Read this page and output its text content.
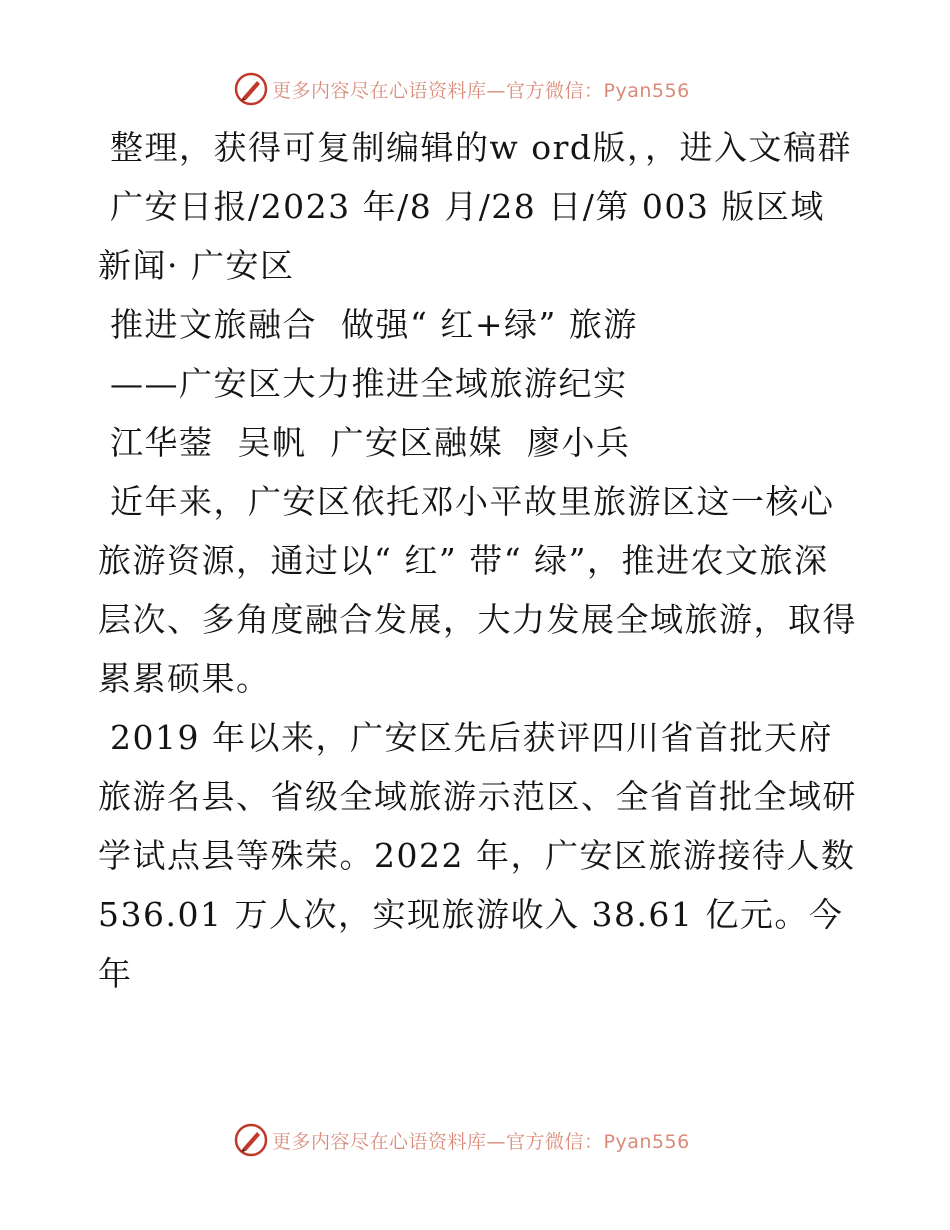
更多内容尽在心语资料库—官方微信：Pyan556

整理，获得可复制编辑的w ord版，，进入文稿群

广安日报/2023 年/8 月/28 日/第 003 版区域新闻· 广安区

推进文旅融合  做强“ 红+绿” 旅游

——广安区大力推进全域旅游纪实

江华蓥  吴帆  广安区融媒  廖小兵

近年来，广安区依托邓小平故里旅游区这一核心旅游资源，通过以“ 红” 带“ 绿”，推进农文旅深层次、多角度融合发展，大力发展全域旅游，取得累累硕果。

2019 年以来，广安区先后获评四川省首批天府旅游名县、省级全域旅游示范区、全省首批全域研学试点县等殊荣。2022 年，广安区旅游接待人数 536.01 万人次，实现旅游收入 38.61 亿元。今年

更多内容尽在心语资料库—官方微信：Pyan556
